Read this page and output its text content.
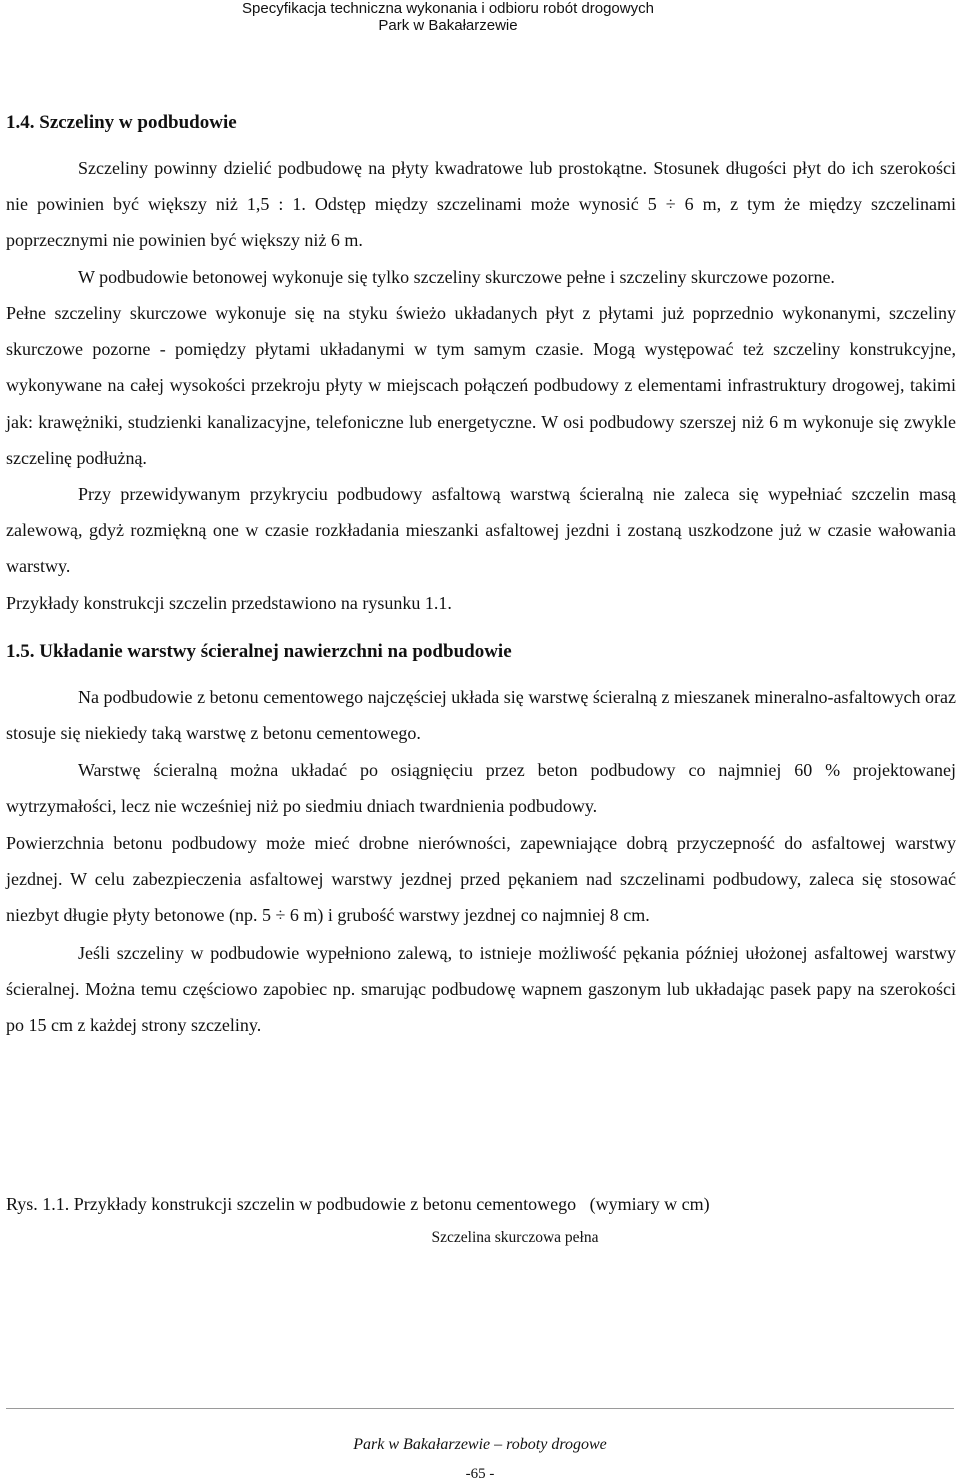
Specyfikacja techniczna wykonania i odbioru robót drogowych
Park w Bakałarzewie
1.4. Szczeliny w podbudowie

Szczeliny powinny dzielić podbudowę na płyty kwadratowe lub prostokątne. Stosunek długości płyt do ich szerokości nie powinien być większy niż 1,5 : 1. Odstęp między szczelinami może wynosić 5 ÷ 6 m, z tym że między szczelinami poprzecznymi nie powinien być większy niż 6 m.

W podbudowie betonowej wykonuje się tylko szczeliny skurczowe pełne i szczeliny skurczowe pozorne.

Pełne szczeliny skurczowe wykonuje się na styku świeżo układanych płyt z płytami już poprzednio wykonanymi, szczeliny skurczowe pozorne - pomiędzy płytami układanymi w tym samym czasie. Mogą występować też szczeliny konstrukcyjne, wykonywane na całej wysokości przekroju płyty w miejscach połączeń podbudowy z elementami infrastruktury drogowej, takimi jak: krawężniki, studzienki kanalizacyjne, telefoniczne lub energetyczne. W osi podbudowy szerszej niż 6 m wykonuje się zwykle szczelinę podłużną.

Przy przewidywanym przykryciu podbudowy asfaltową warstwą ścieralną nie zaleca się wypełniać szczelin masą zalewową, gdyż rozmiękną one w czasie rozkładania mieszanki asfaltowej jezdni i zostaną uszkodzone już w czasie wałowania warstwy.

Przykłady konstrukcji szczelin przedstawiono na rysunku 1.1.

1.5. Układanie warstwy ścieralnej nawierzchni na podbudowie

Na podbudowie z betonu cementowego najczęściej układa się warstwę ścieralną z mieszanek mineralno-asfaltowych oraz stosuje się niekiedy taką warstwę z betonu cementowego.

Warstwę ścieralną można układać po osiągnięciu przez beton podbudowy co najmniej 60 % projektowanej wytrzymałości, lecz nie wcześniej niż po siedmiu dniach twardnienia podbudowy.

Powierzchnia betonu podbudowy może mieć drobne nierówności, zapewniające dobrą przyczepność do asfaltowej warstwy jezdnej. W celu zabezpieczenia asfaltowej warstwy jezdnej przed pękaniem nad szczelinami podbudowy, zaleca się stosować niezbyt długie płyty betonowe (np. 5 ÷ 6 m) i grubość warstwy jezdnej co najmniej 8 cm.

Jeśli szczeliny w podbudowie wypełniono zalewą, to istnieje możliwość pękania później ułożonej asfaltowej warstwy ścieralnej. Można temu częściowo zapobiec np. smarując podbudowę wapnem gaszonym lub układając pasek papy na szerokości po 15 cm z każdej strony szczeliny.

Rys. 1.1. Przykłady konstrukcji szczelin w podbudowie z betonu cementowego   (wymiary w cm)
Szczelina skurczowa pełna
Park w Bakałarzewie – roboty drogowe
-65 -
